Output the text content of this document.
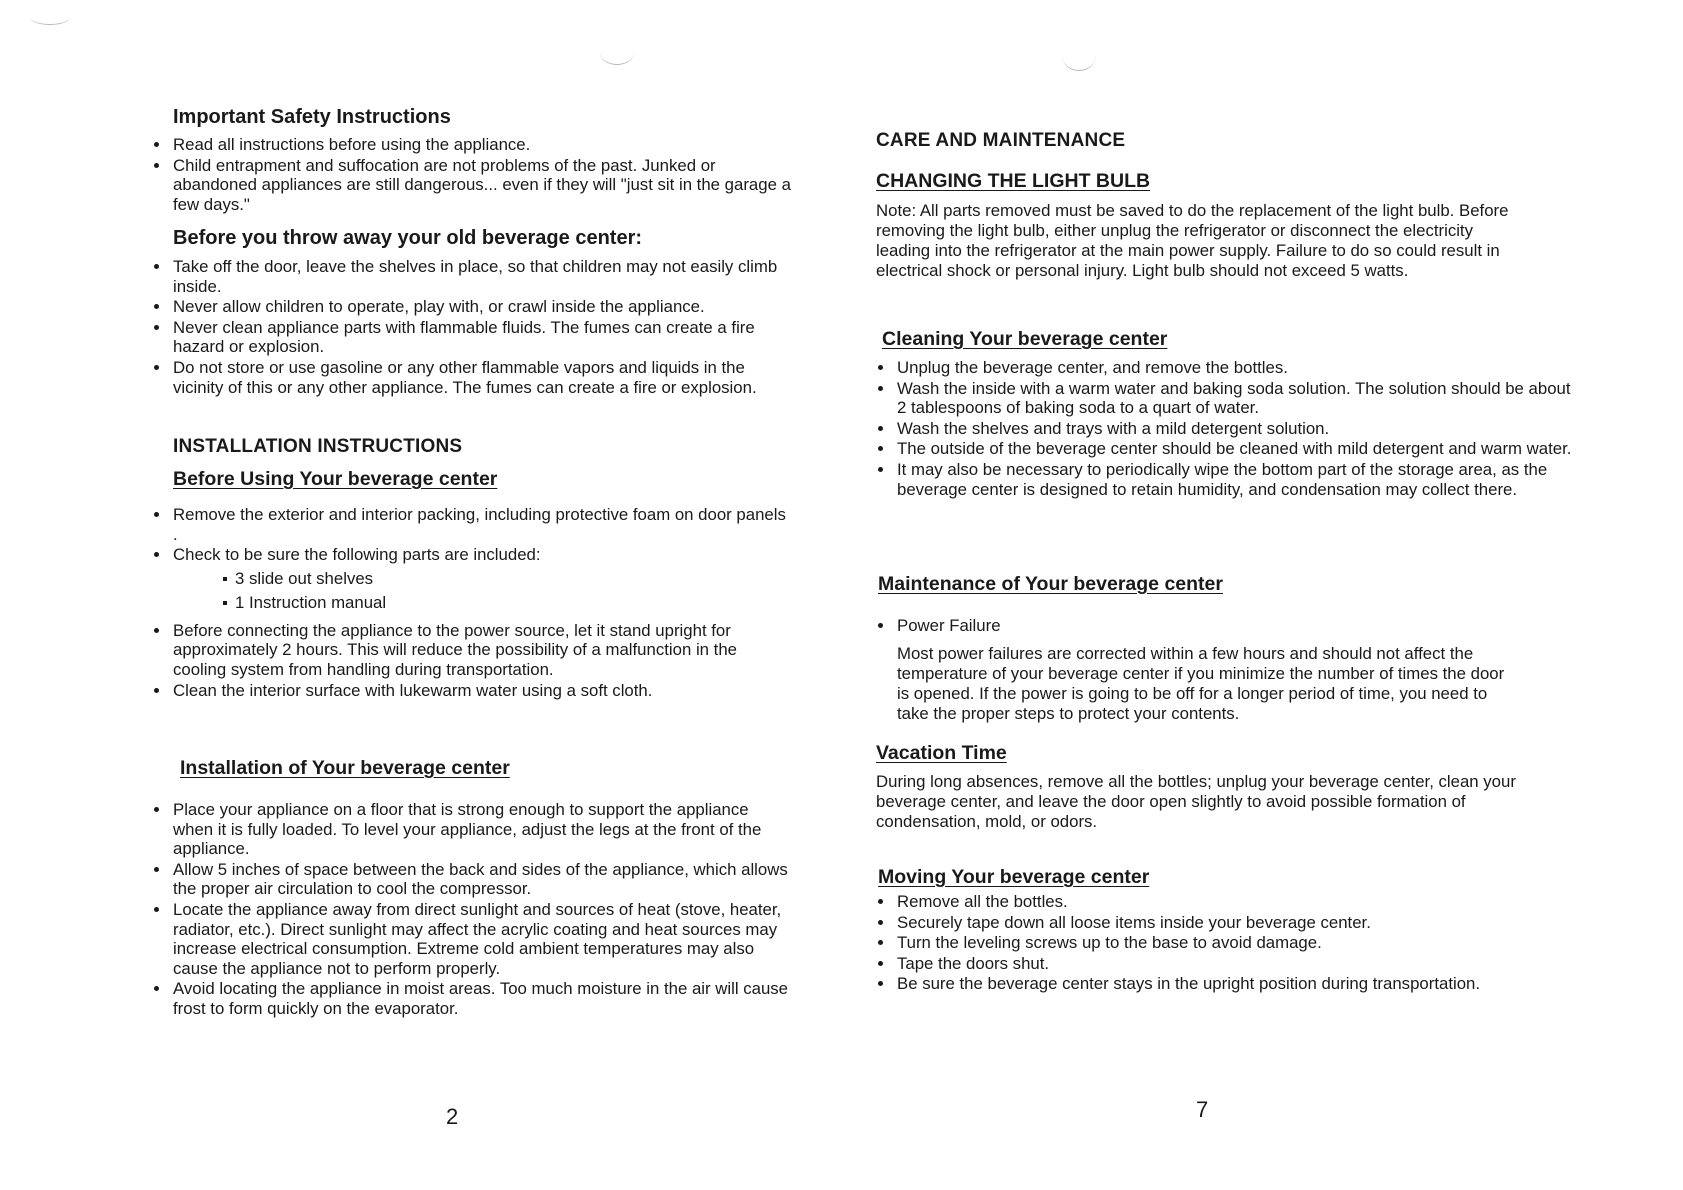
Important Safety Instructions
Read all instructions before using the appliance.
Child entrapment and suffocation are not problems of the past. Junked or abandoned appliances are still dangerous... even if they will "just sit in the garage a few days."
Before you throw away your old beverage center:
Take off the door, leave the shelves in place, so that children may not easily climb inside.
Never allow children to operate, play with, or crawl inside the appliance.
Never clean appliance parts with flammable fluids. The fumes can create a fire hazard or explosion.
Do not store or use gasoline or any other flammable vapors and liquids in the vicinity of this or any other appliance. The fumes can create a fire or explosion.
INSTALLATION INSTRUCTIONS
Before Using Your beverage center
Remove the exterior and interior packing, including protective foam on door panels .
Check to be sure the following parts are included:
3 slide out shelves
1 Instruction manual
Before connecting the appliance to the power source, let it stand upright for approximately 2 hours. This will reduce the possibility of a malfunction in the cooling system from handling during transportation.
Clean the interior surface with lukewarm water using a soft cloth.
Installation of Your beverage center
Place your appliance on a floor that is strong enough to support the appliance when it is fully loaded. To level your appliance, adjust the legs at the front of the appliance.
Allow 5 inches of space between the back and sides of the appliance, which allows the proper air circulation to cool the compressor.
Locate the appliance away from direct sunlight and sources of heat (stove, heater, radiator, etc.). Direct sunlight may affect the acrylic coating and heat sources may increase electrical consumption. Extreme cold ambient temperatures may also cause the appliance not to perform properly.
Avoid locating the appliance in moist areas. Too much moisture in the air will cause frost to form quickly on the evaporator.
2
CARE AND MAINTENANCE
CHANGING THE LIGHT BULB

Note: All parts removed must be saved to do the replacement of the light bulb. Before removing the light bulb, either unplug the refrigerator or disconnect the electricity leading into the refrigerator at the main power supply. Failure to do so could result in electrical shock or personal injury. Light bulb should not exceed 5 watts.

Cleaning Your beverage center
Unplug the beverage center, and remove the bottles.
Wash the inside with a warm water and baking soda solution. The solution should be about 2 tablespoons of baking soda to a quart of water.
Wash the shelves and trays with a mild detergent solution.
The outside of the beverage center should be cleaned with mild detergent and warm water.
It may also be necessary to periodically wipe the bottom part of the storage area, as the beverage center is designed to retain humidity, and condensation may collect there.
Maintenance of Your beverage center
Power Failure

Most power failures are corrected within a few hours and should not affect the temperature of your beverage center if you minimize the number of times the door is opened. If the power is going to be off for a longer period of time, you need to take the proper steps to protect your contents.

Vacation Time

During long absences, remove all the bottles; unplug your beverage center, clean your beverage center, and leave the door open slightly to avoid possible formation of condensation, mold, or odors.

Moving Your beverage center
Remove all the bottles.
Securely tape down all loose items inside your beverage center.
Turn the leveling screws up to the base to avoid damage.
Tape the doors shut.
Be sure the beverage center stays in the upright position during transportation.
7
